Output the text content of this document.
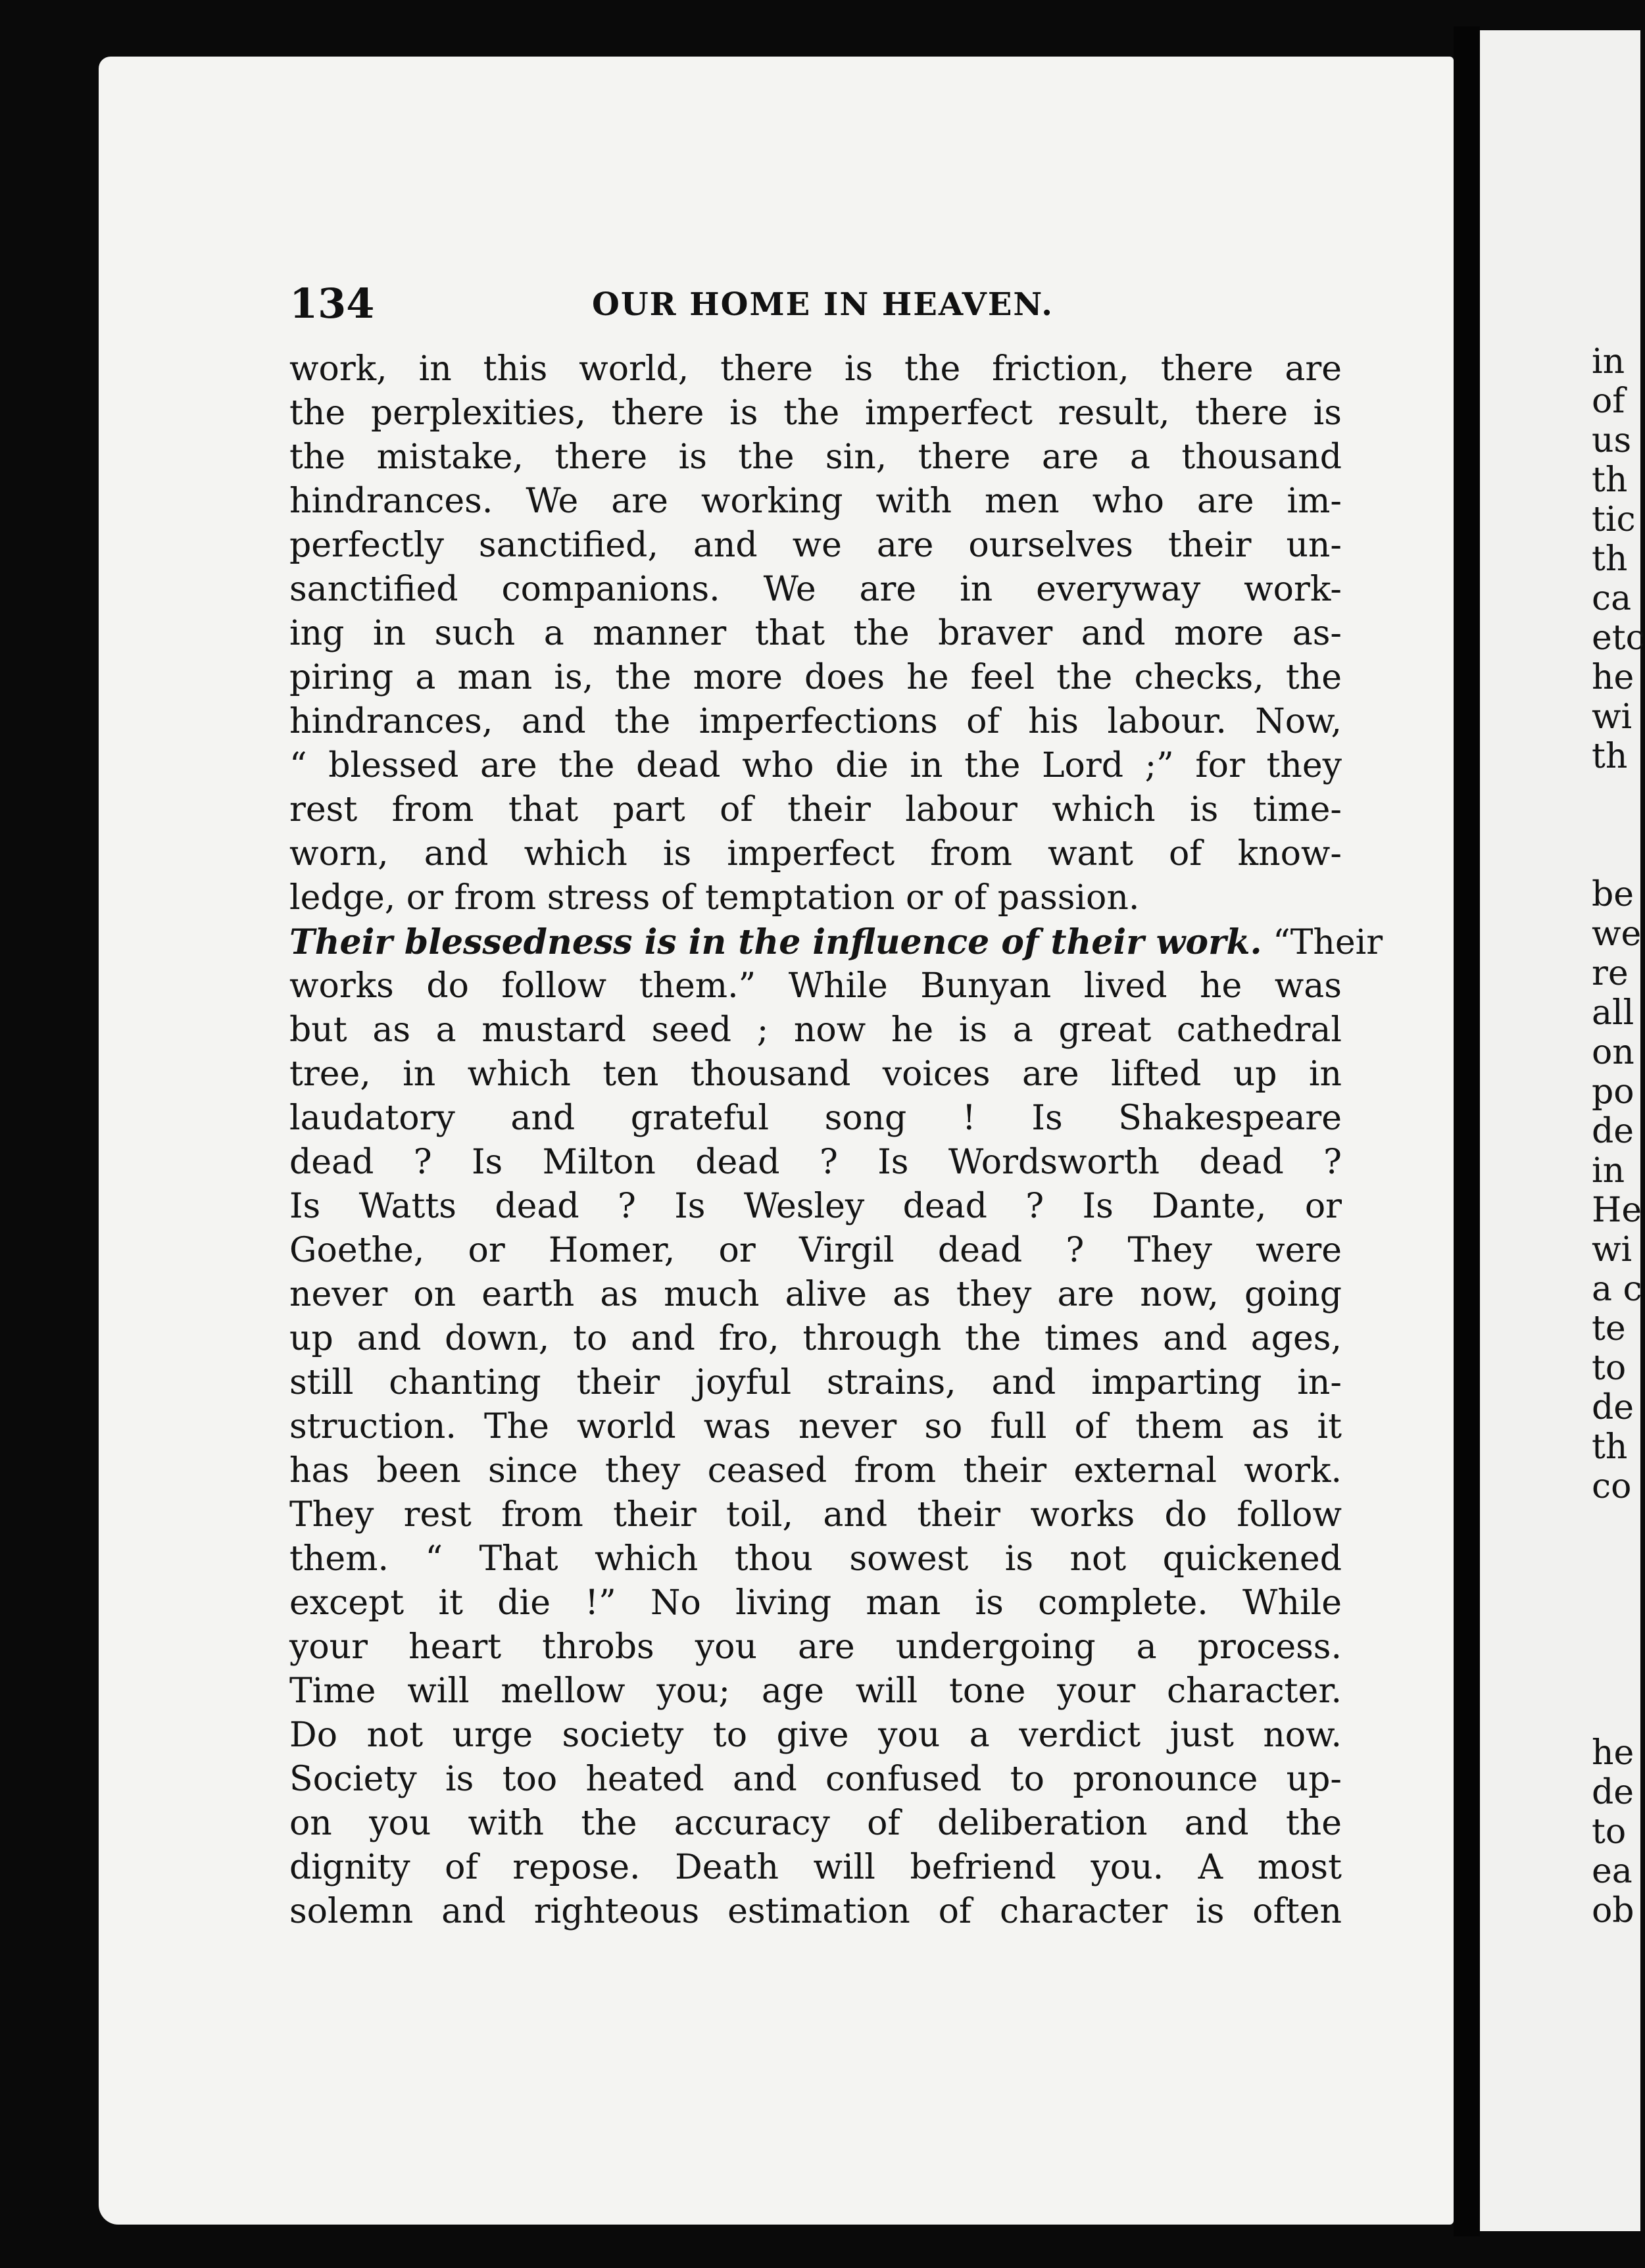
134	OUR HOME IN HEAVEN.
work, in this world, there is the friction, there are
the perplexities, there is the imperfect result, there is
the mistake, there is the sin, there are a thousand
hindrances. We are working with men who are im-
perfectly sanctified, and we are ourselves their un-
sanctified companions. We are in everyway work-
ing in such a manner that the braver and more as-
piring a man is, the more does he feel the checks, the
hindrances, and the imperfections of his labour. Now,
“ blessed are the dead who die in the Lord ;” for they
rest from that part of their labour which is time-
worn, and which is imperfect from want of know-
ledge, or from stress of temptation or of passion.
Their blessedness is in the influence of their work. “Their
works do follow them.” While Bunyan lived he was
but as a mustard seed ; now he is a great cathedral
tree, in which ten thousand voices are lifted up in
laudatory and grateful song ! Is Shakespeare
dead ? Is Milton dead ? Is Wordsworth dead ?
Is Watts dead ? Is Wesley dead ? Is Dante, or
Goethe, or Homer, or Virgil dead ? They were
never on earth as much alive as they are now, going
up and down, to and fro, through the times and ages,
still chanting their joyful strains, and imparting in-
struction. The world was never so full of them as it
has been since they ceased from their external work.
They rest from their toil, and their works do follow
them. “ That which thou sowest is not quickened
except it die !” No living man is complete. While
your heart throbs you are undergoing a process.
Time will mellow you; age will tone your character.
Do not urge society to give you a verdict just now.
Society is too heated and confused to pronounce up-
on you with the accuracy of deliberation and the
dignity of repose. Death will befriend you. A most
solemn and righteous estimation of character is often
in
of
us
th
tic
th
ca
etc
he
wi
th
be
we
re
all
on
po
de
in
He
wi
a c
te
to
de
th
co
he
de
to
ea
ob
